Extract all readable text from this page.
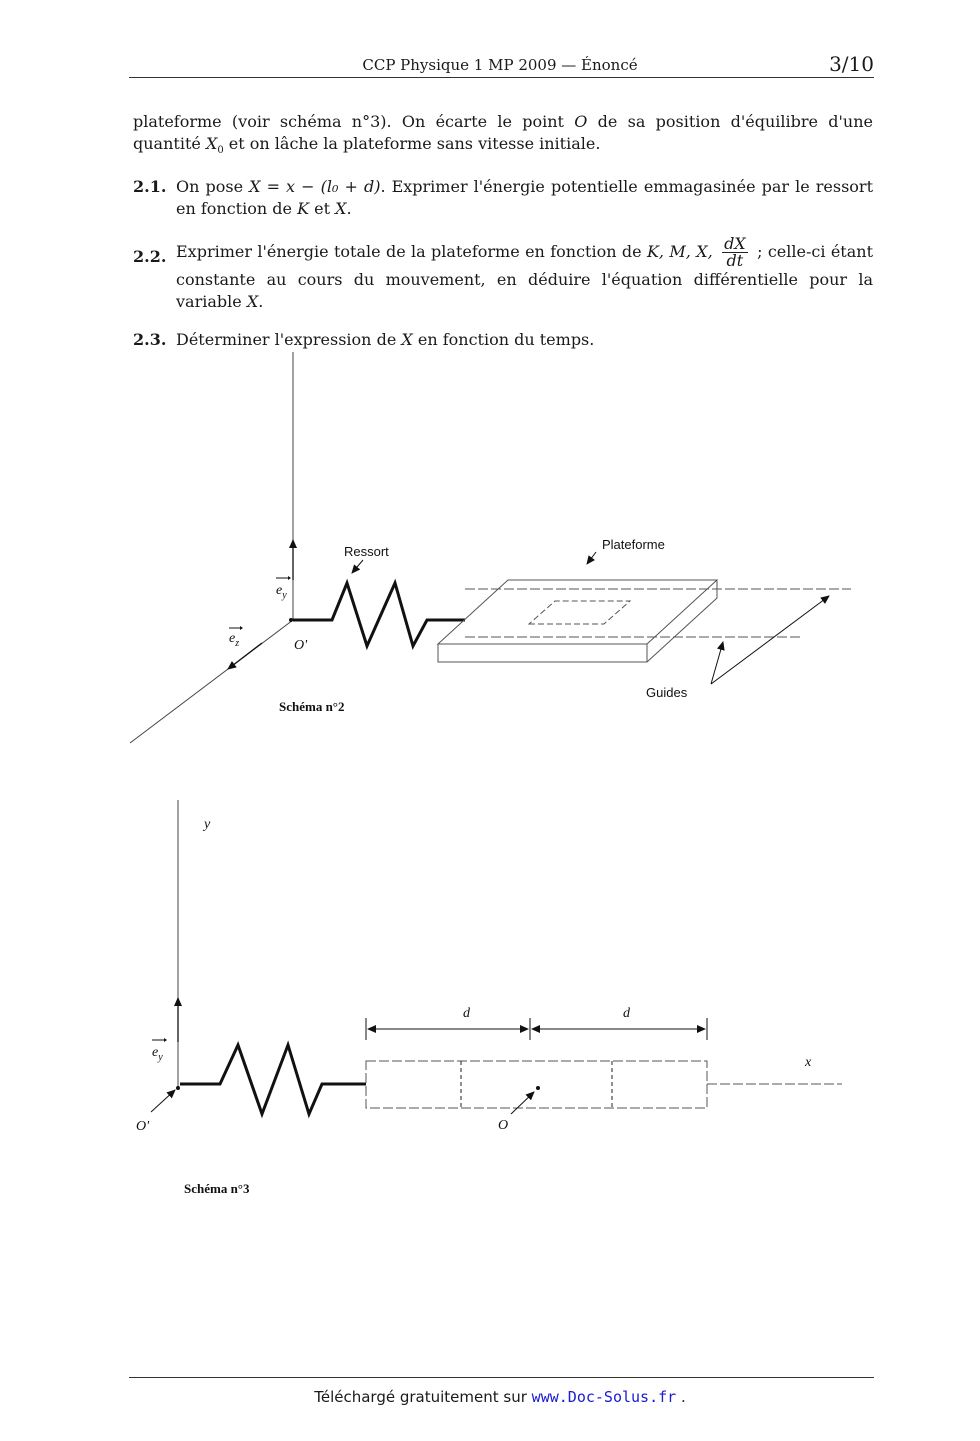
CCP Physique 1 MP 2009 — Énoncé	3/10
plateforme (voir schéma n°3). On écarte le point O de sa position d'équilibre d'une quantité $X_0$ et on lâche la plateforme sans vitesse initiale.
2.1. On pose X = x − (l₀ + d). Exprimer l'énergie potentielle emmagasinée par le ressort en fonction de K et X.
2.2. Exprimer l'énergie totale de la plateforme en fonction de K, M, X, $\frac{dX}{dt}$ ; celle-ci étant constante au cours du mouvement, en déduire l'équation différentielle pour la variable X.
2.3. Déterminer l'expression de X en fonction du temps.
Ressort	Plateforme
Guides
$e_y$
$e_z$	O'
Schéma n°2
y
$e_y$
O'
x
O
d	d
Schéma n°3
Téléchargé gratuitement sur www.Doc-Solus.fr .
